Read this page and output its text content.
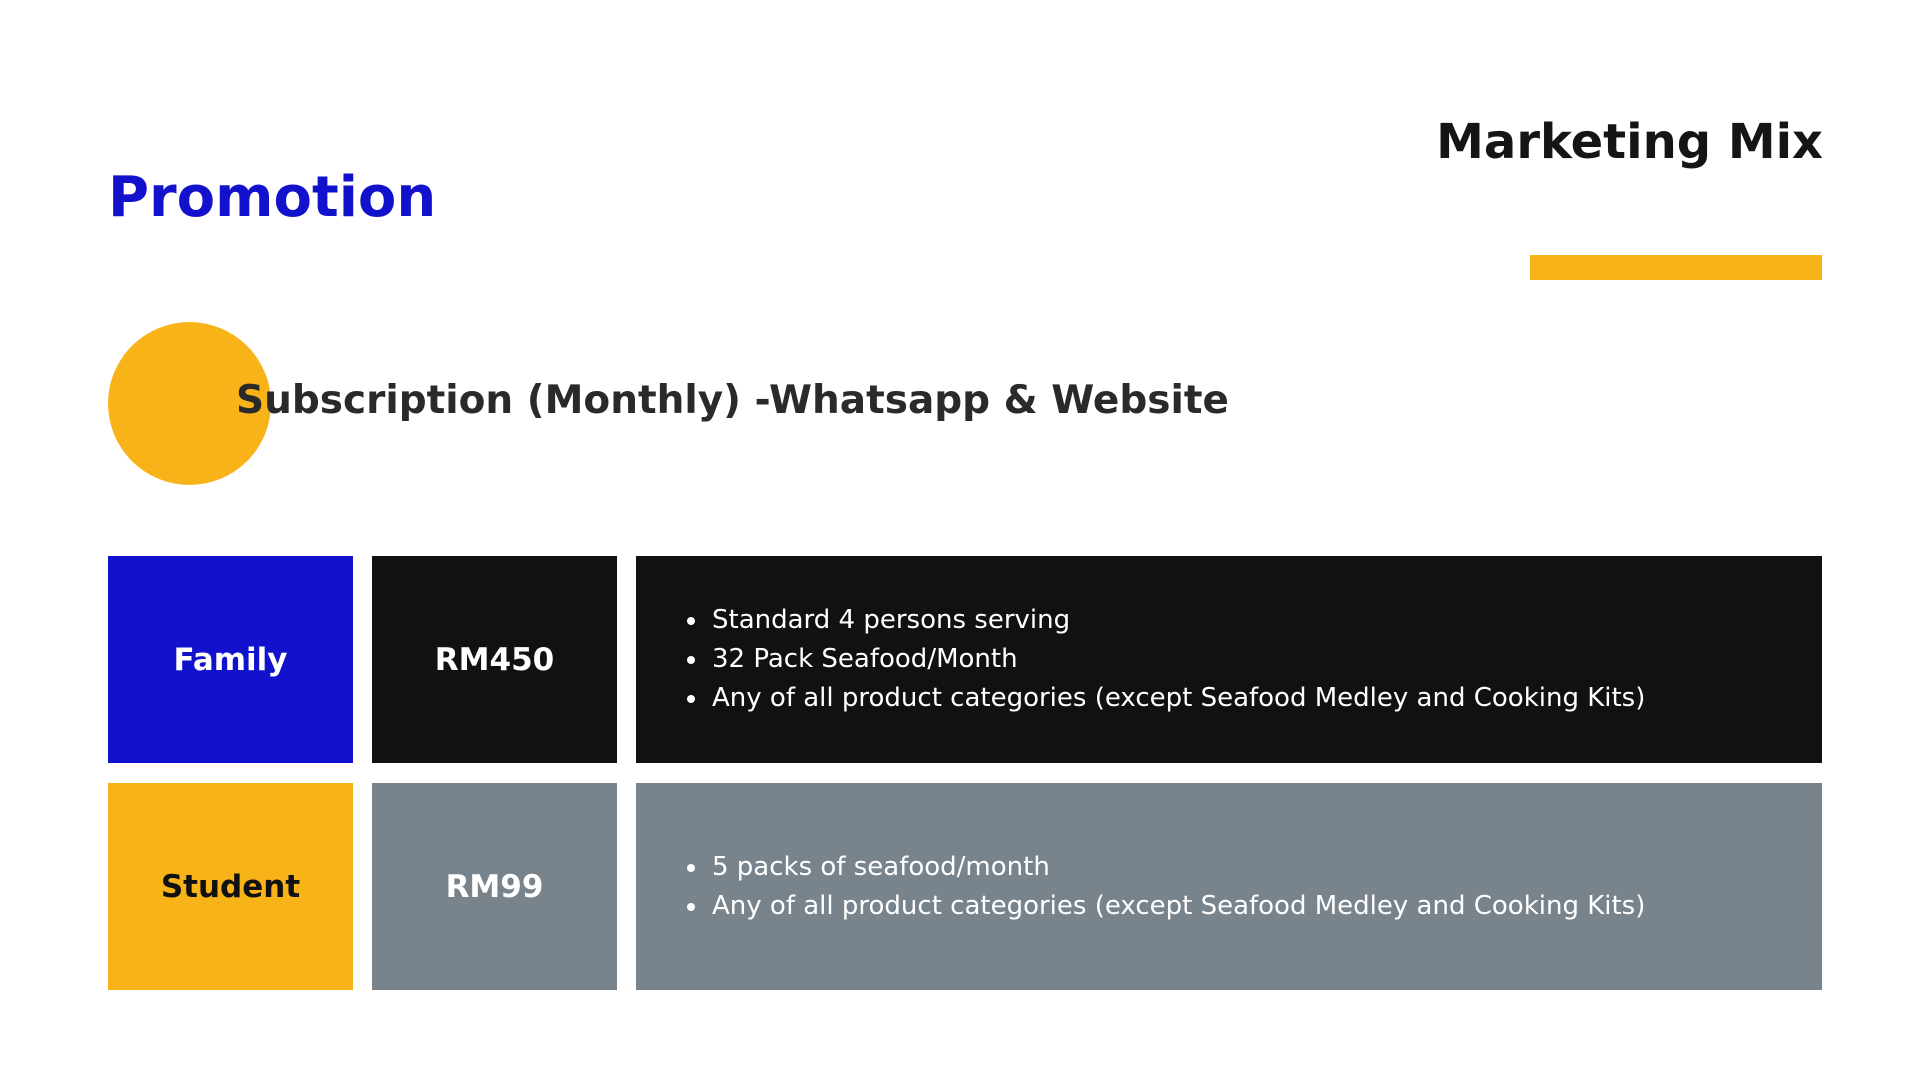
Promotion
Marketing Mix
Subscription (Monthly) -Whatsapp & Website
Family	RM450
Standard 4 persons serving
32 Pack Seafood/Month
Any of all product categories (except Seafood Medley and Cooking Kits)
Student	RM99
5 packs of seafood/month
Any of all product categories (except Seafood Medley and Cooking Kits)
